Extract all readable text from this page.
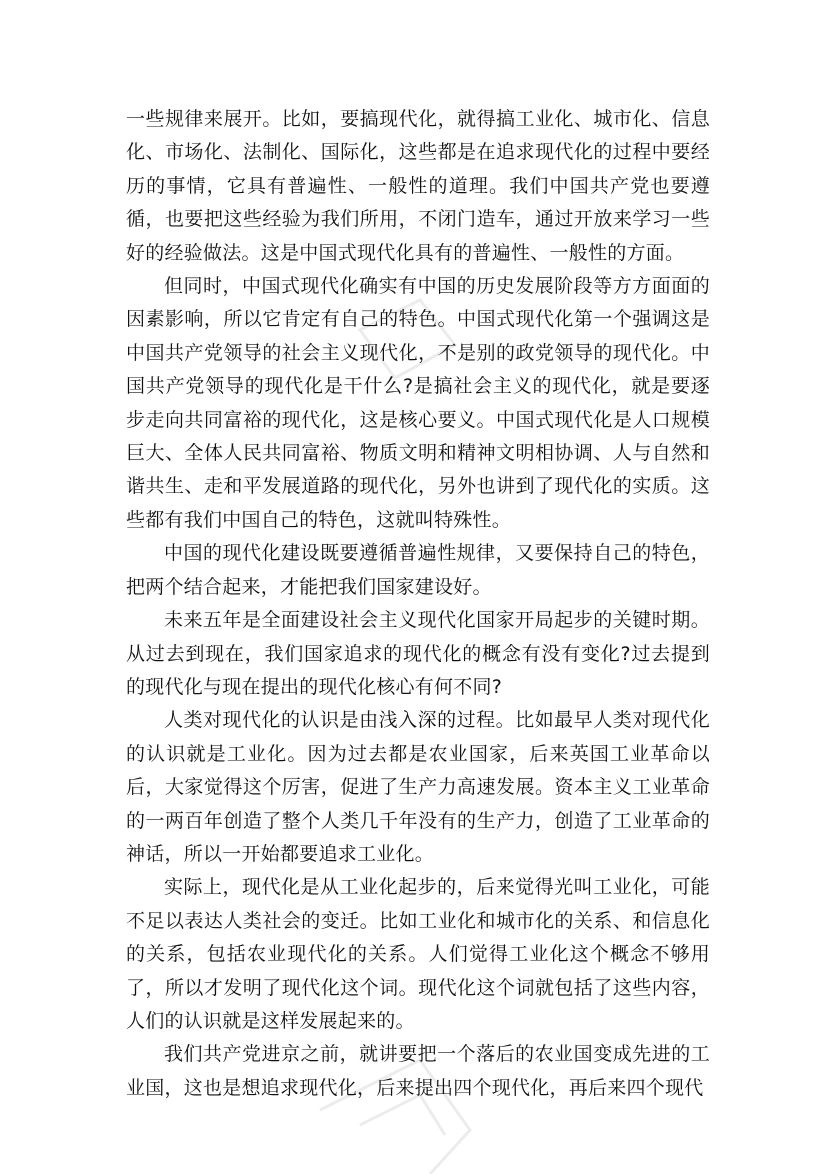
一些规律来展开。比如，要搞现代化，就得搞工业化、城市化、信息化、市场化、法制化、国际化，这些都是在追求现代化的过程中要经历的事情，它具有普遍性、一般性的道理。我们中国共产党也要遵循，也要把这些经验为我们所用，不闭门造车，通过开放来学习一些好的经验做法。这是中国式现代化具有的普遍性、一般性的方面。

但同时，中国式现代化确实有中国的历史发展阶段等方方面面的因素影响，所以它肯定有自己的特色。中国式现代化第一个强调这是中国共产党领导的社会主义现代化，不是别的政党领导的现代化。中国共产党领导的现代化是干什么?是搞社会主义的现代化，就是要逐步走向共同富裕的现代化，这是核心要义。中国式现代化是人口规模巨大、全体人民共同富裕、物质文明和精神文明相协调、人与自然和谐共生、走和平发展道路的现代化，另外也讲到了现代化的实质。这些都有我们中国自己的特色，这就叫特殊性。

中国的现代化建设既要遵循普遍性规律，又要保持自己的特色，把两个结合起来，才能把我们国家建设好。

未来五年是全面建设社会主义现代化国家开局起步的关键时期。从过去到现在，我们国家追求的现代化的概念有没有变化?过去提到的现代化与现在提出的现代化核心有何不同?

人类对现代化的认识是由浅入深的过程。比如最早人类对现代化的认识就是工业化。因为过去都是农业国家，后来英国工业革命以后，大家觉得这个厉害，促进了生产力高速发展。资本主义工业革命的一两百年创造了整个人类几千年没有的生产力，创造了工业革命的神话，所以一开始都要追求工业化。

实际上，现代化是从工业化起步的，后来觉得光叫工业化，可能不足以表达人类社会的变迁。比如工业化和城市化的关系、和信息化的关系，包括农业现代化的关系。人们觉得工业化这个概念不够用了，所以才发明了现代化这个词。现代化这个词就包括了这些内容，人们的认识就是这样发展起来的。

我们共产党进京之前，就讲要把一个落后的农业国变成先进的工业国，这也是想追求现代化，后来提出四个现代化，再后来四个现代
